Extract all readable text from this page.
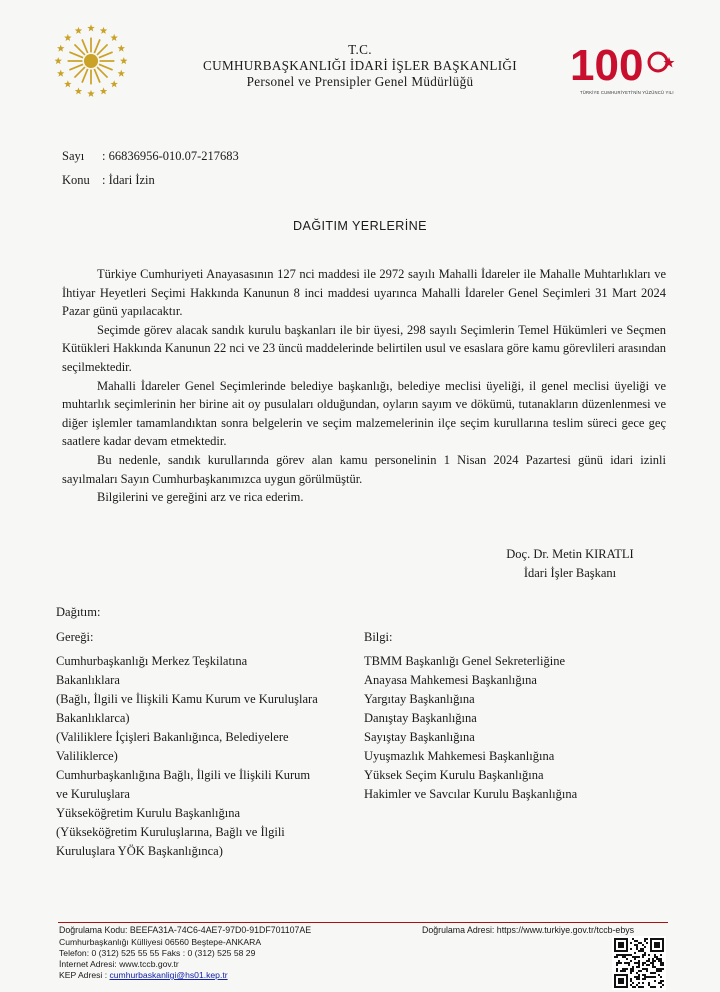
T.C.
CUMHURBAŞKANLIĞI İDARİ İŞLER BAŞKANLIĞI
Personel ve Prensipler Genel Müdürlüğü	100
TÜRKİYE CUMHURİYETİ'NİN YÜZÜNCÜ YILI
Sayı : 66836956-010.07-217683
Konu : İdari İzin
DAĞITIM YERLERİNE

Türkiye Cumhuriyeti Anayasasının 127 nci maddesi ile 2972 sayılı Mahalli İdareler ile Mahalle Muhtarlıkları ve İhtiyar Heyetleri Seçimi Hakkında Kanunun 8 inci maddesi uyarınca Mahalli İdareler Genel Seçimleri 31 Mart 2024 Pazar günü yapılacaktır.

Seçimde görev alacak sandık kurulu başkanları ile bir üyesi, 298 sayılı Seçimlerin Temel Hükümleri ve Seçmen Kütükleri Hakkında Kanunun 22 nci ve 23 üncü maddelerinde belirtilen usul ve esaslara göre kamu görevlileri arasından seçilmektedir.

Mahalli İdareler Genel Seçimlerinde belediye başkanlığı, belediye meclisi üyeliği, il genel meclisi üyeliği ve muhtarlık seçimlerinin her birine ait oy pusulaları olduğundan, oyların sayım ve dökümü, tutanakların düzenlenmesi ve diğer işlemler tamamlandıktan sonra belgelerin ve seçim malzemelerinin ilçe seçim kurullarına teslim süreci gece geç saatlere kadar devam etmektedir.

Bu nedenle, sandık kurullarında görev alan kamu personelinin 1 Nisan 2024 Pazartesi günü idari izinli sayılmaları Sayın Cumhurbaşkanımızca uygun görülmüştür.

Bilgilerini ve gereğini arz ve rica ederim.

Doç. Dr. Metin KIRATLI
İdari İşler Başkanı
Dağıtım:
Gereği:
Cumhurbaşkanlığı Merkez Teşkilatına
Bakanlıklara
(Bağlı, İlgili ve İlişkili Kamu Kurum ve Kuruluşlara
Bakanlıklarca)
(Valiliklere İçişleri Bakanlığınca, Belediyelere
Valiliklerce)
Cumhurbaşkanlığına Bağlı, İlgili ve İlişkili Kurum
ve Kuruluşlara
Yükseköğretim Kurulu Başkanlığına
(Yükseköğretim Kuruluşlarına, Bağlı ve İlgili
Kuruluşlara YÖK Başkanlığınca)
Bilgi:
TBMM Başkanlığı Genel Sekreterliğine
Anayasa Mahkemesi Başkanlığına
Yargıtay Başkanlığına
Danıştay Başkanlığına
Sayıştay Başkanlığına
Uyuşmazlık Mahkemesi Başkanlığına
Yüksek Seçim Kurulu Başkanlığına
Hakimler ve Savcılar Kurulu Başkanlığına
Doğrulama Kodu: BEEFA31A-74C6-4AE7-97D0-91DF701107AE	Doğrulama Adresi: https://www.turkiye.gov.tr/tccb-ebys
Cumhurbaşkanlığı Külliyesi 06560 Beştepe-ANKARA
Telefon: 0 (312) 525 55 55 Faks : 0 (312) 525 58 29
İnternet Adresi: www.tccb.gov.tr
KEP Adresi : cumhurbaskanligi@hs01.kep.tr
